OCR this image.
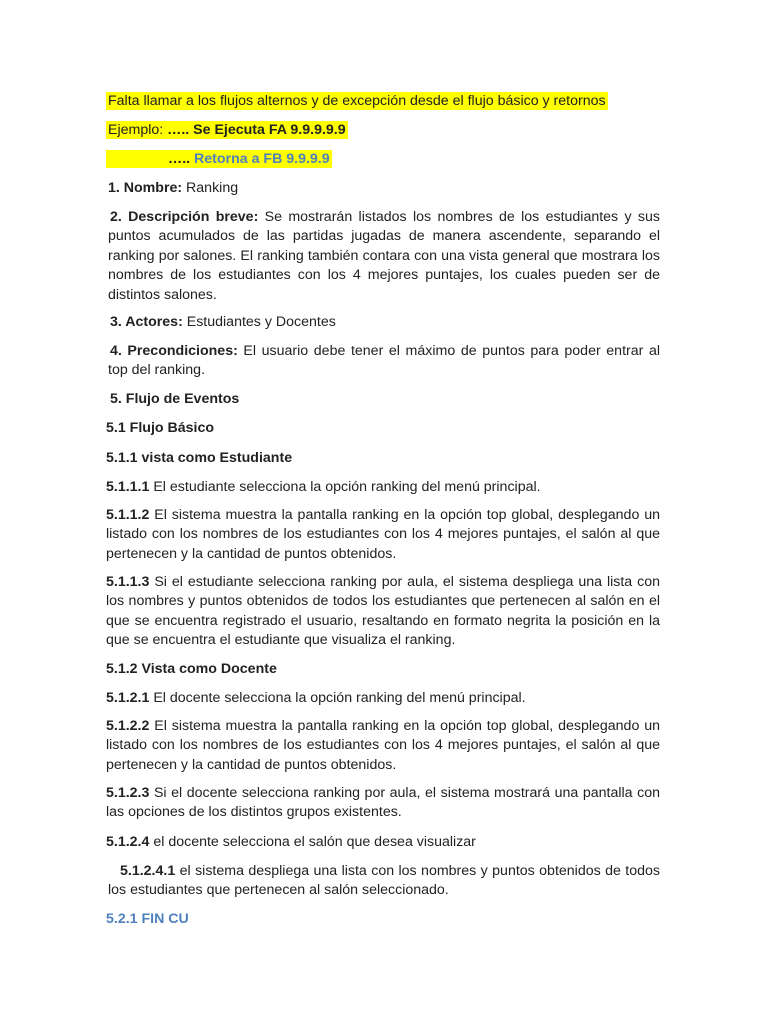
Falta llamar a los flujos alternos y de excepción desde el flujo básico y retornos
Ejemplo: ….. Se Ejecuta FA 9.9.9.9.9
….. Retorna a FB 9.9.9.9
1. Nombre: Ranking
2. Descripción breve: Se mostrarán listados los nombres de los estudiantes y sus puntos acumulados de las partidas jugadas de manera ascendente, separando el ranking por salones. El ranking también contara con una vista general que mostrara los nombres de los estudiantes con los 4 mejores puntajes, los cuales pueden ser de distintos salones.
3. Actores: Estudiantes y Docentes
4. Precondiciones: El usuario debe tener el máximo de puntos para poder entrar al top del ranking.
5. Flujo de Eventos
5.1 Flujo Básico
5.1.1 vista como Estudiante
5.1.1.1 El estudiante selecciona la opción ranking del menú principal.
5.1.1.2 El sistema muestra la pantalla ranking en la opción top global, desplegando un listado con los nombres de los estudiantes con los 4 mejores puntajes, el salón al que pertenecen y la cantidad de puntos obtenidos.
5.1.1.3 Si el estudiante selecciona ranking por aula, el sistema despliega una lista con los nombres y puntos obtenidos de todos los estudiantes que pertenecen al salón en el que se encuentra registrado el usuario, resaltando en formato negrita la posición en la que se encuentra el estudiante que visualiza el ranking.
5.1.2 Vista como Docente
5.1.2.1 El docente selecciona la opción ranking del menú principal.
5.1.2.2 El sistema muestra la pantalla ranking en la opción top global, desplegando un listado con los nombres de los estudiantes con los 4 mejores puntajes, el salón al que pertenecen y la cantidad de puntos obtenidos.
5.1.2.3 Si el docente selecciona ranking por aula, el sistema mostrará una pantalla con las opciones de los distintos grupos existentes.
5.1.2.4 el docente selecciona el salón que desea visualizar
5.1.2.4.1 el sistema despliega una lista con los nombres y puntos obtenidos de todos los estudiantes que pertenecen al salón seleccionado.
5.2.1 FIN CU
